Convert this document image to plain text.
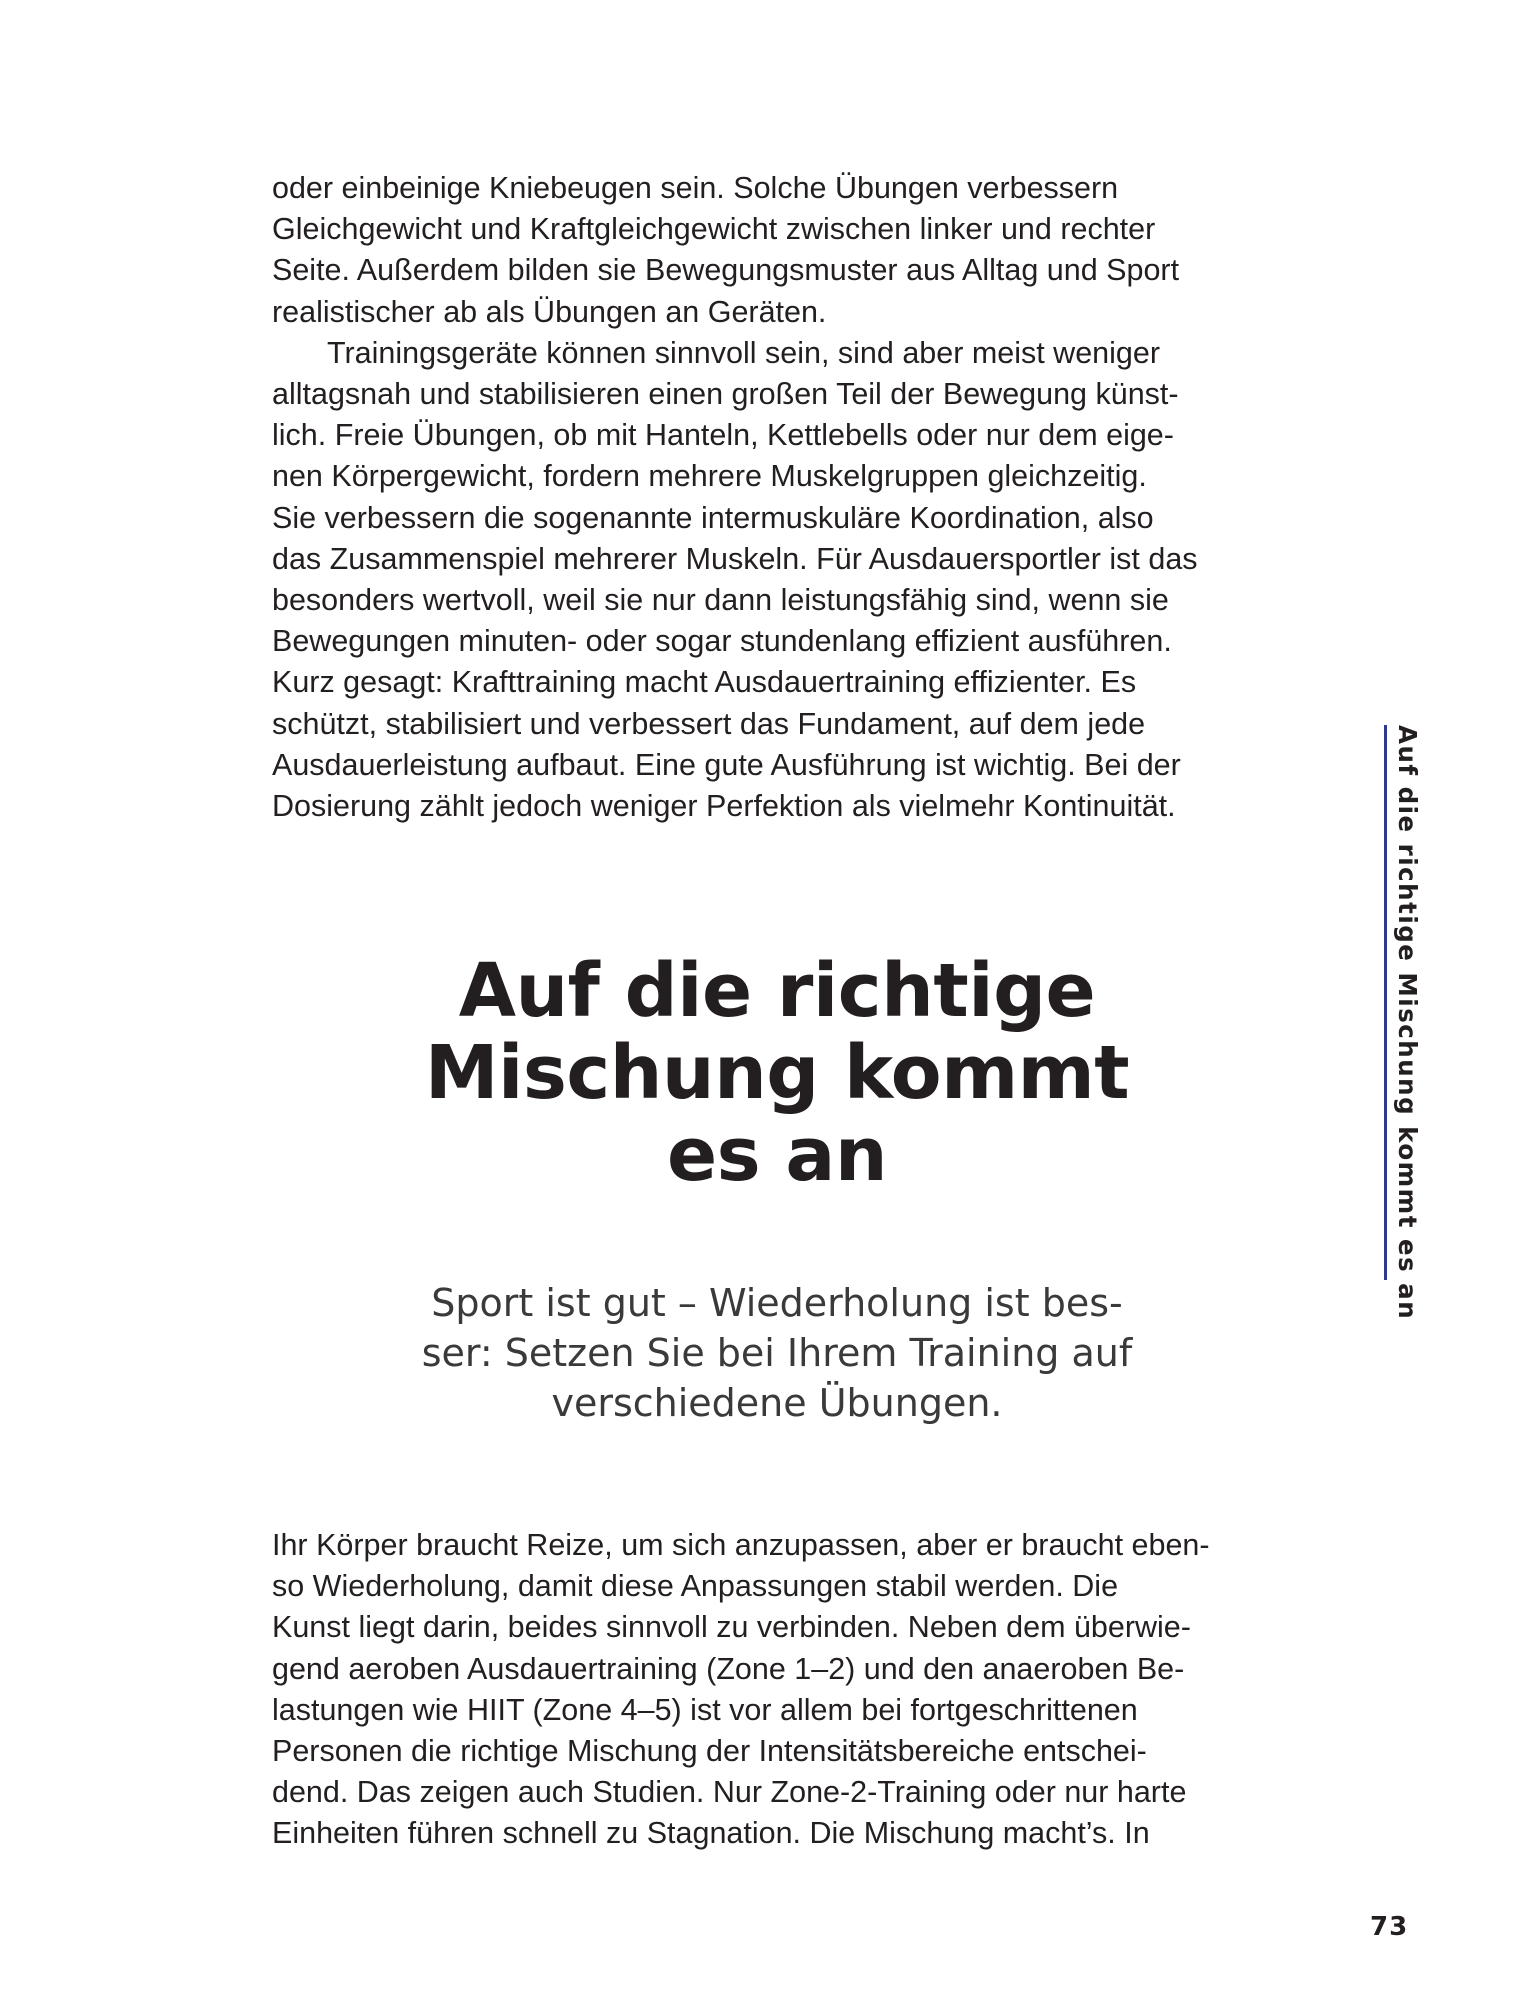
oder einbeinige Kniebeugen sein. Solche Übungen verbessern
Gleichgewicht und Kraftgleichgewicht zwischen linker und rechter
Seite. Außerdem bilden sie Bewegungsmuster aus Alltag und Sport
realistischer ab als Übungen an Geräten.
Trainingsgeräte können sinnvoll sein, sind aber meist weniger
alltagsnah und stabilisieren einen großen Teil der Bewegung künst-
lich. Freie Übungen, ob mit Hanteln, Kettlebells oder nur dem eige-
nen Körpergewicht, fordern mehrere Muskelgruppen gleichzeitig.
Sie verbessern die sogenannte intermuskuläre Koordination, also
das Zusammenspiel mehrerer Muskeln. Für Ausdauersportler ist das
besonders wertvoll, weil sie nur dann leistungsfähig sind, wenn sie
Bewegungen minuten- oder sogar stundenlang effizient ausführen.
Kurz gesagt: Krafttraining macht Ausdauertraining effizienter. Es
schützt, stabilisiert und verbessert das Fundament, auf dem jede
Ausdauerleistung aufbaut. Eine gute Ausführung ist wichtig. Bei der
Dosierung zählt jedoch weniger Perfektion als vielmehr Kontinuität.
Auf die richtige
Mischung kommt
es an
Sport ist gut – Wiederholung ist bes-
ser: Setzen Sie bei Ihrem Training auf
verschiedene Übungen.
Ihr Körper braucht Reize, um sich anzupassen, aber er braucht eben-
so Wiederholung, damit diese Anpassungen stabil werden. Die
Kunst liegt darin, beides sinnvoll zu verbinden. Neben dem überwie-
gend aeroben Ausdauertraining (Zone 1–2) und den anaeroben Be-
lastungen wie HIIT (Zone 4–5) ist vor allem bei fortgeschrittenen
Personen die richtige Mischung der Intensitätsbereiche entschei-
dend. Das zeigen auch Studien. Nur Zone-2-Training oder nur harte
Einheiten führen schnell zu Stagnation. Die Mischung macht’s. In
Auf die richtige Mischung kommt es an
73
